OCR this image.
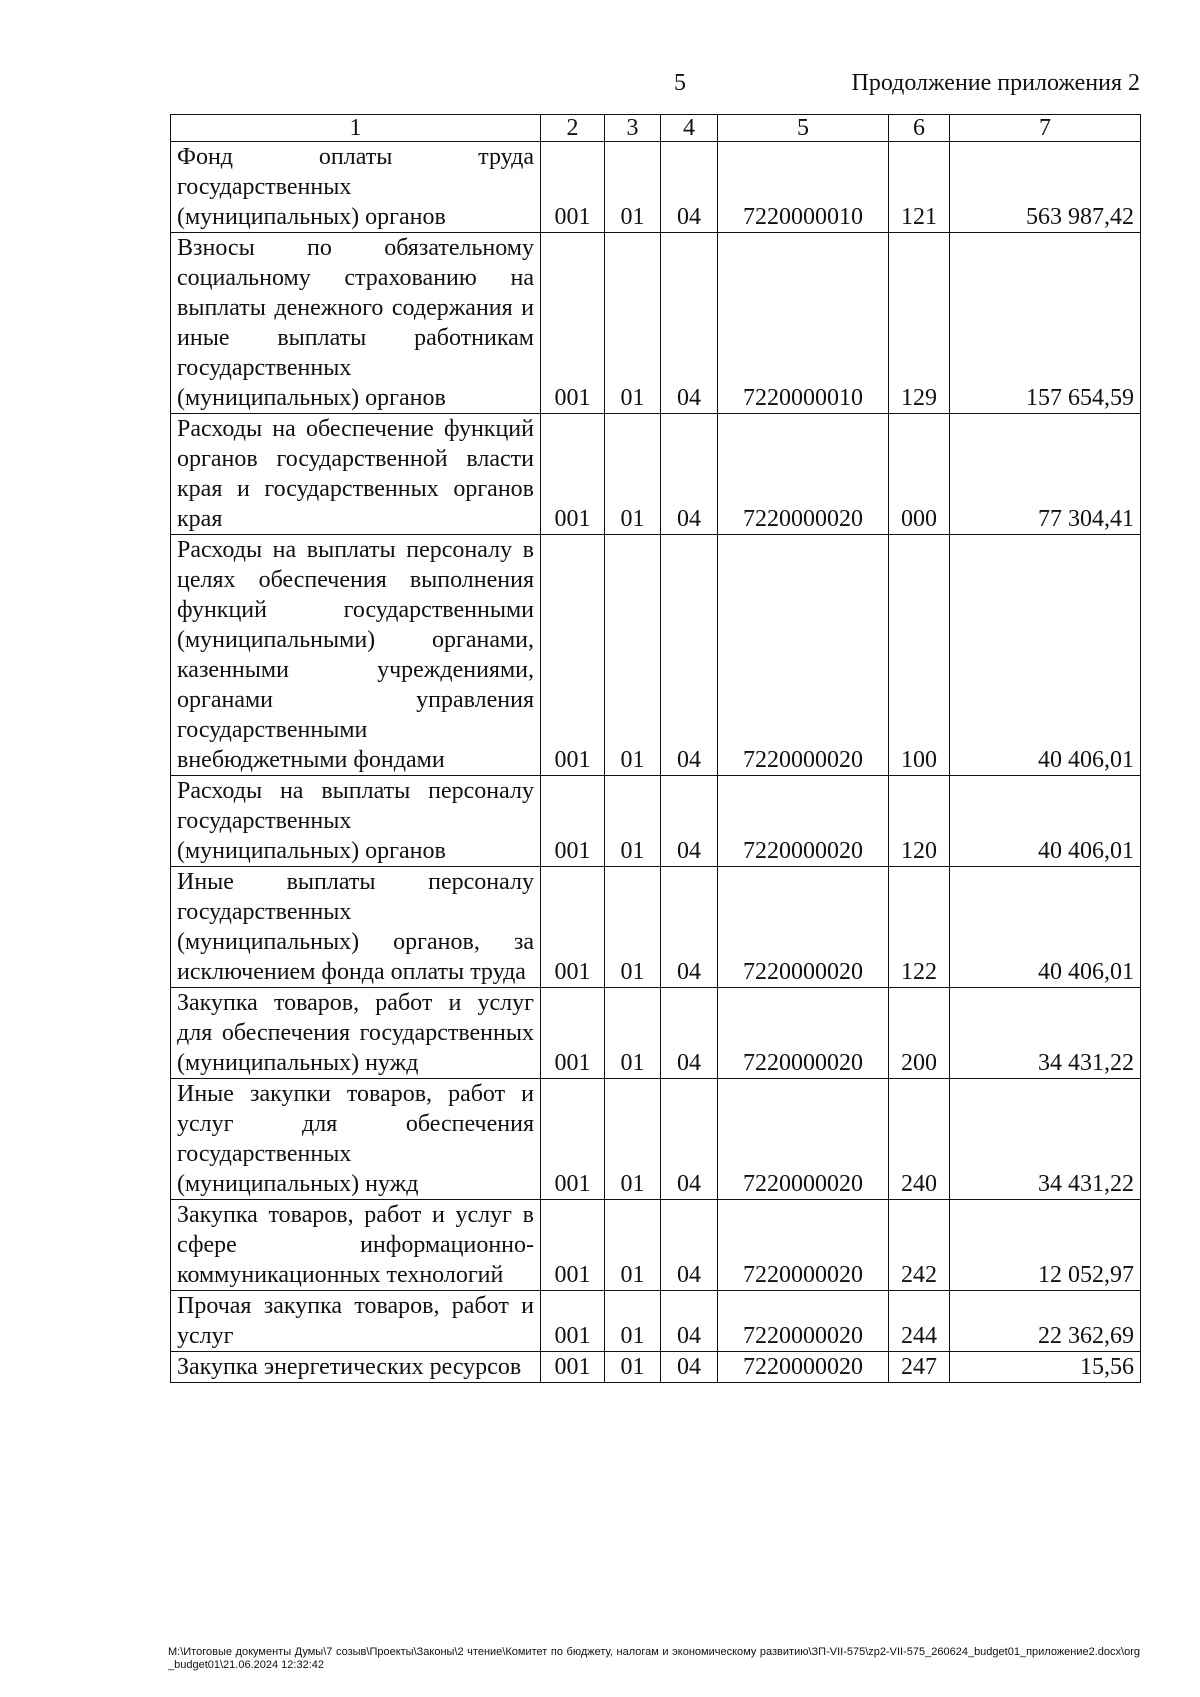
5	Продолжение приложения 2
1	2	3	4	5	6	7
Фонд оплаты труда государственных (муниципальных) органов	001	01	04	7220000010	121	563 987,42
Взносы по обязательному социальному страхованию на выплаты денежного содержания и иные выплаты работникам государственных (муниципальных) органов	001	01	04	7220000010	129	157 654,59
Расходы на обеспечение функций органов государственной власти края и государственных органов края	001	01	04	7220000020	000	77 304,41
Расходы на выплаты персоналу в целях обеспечения выполнения функций государственными (муниципальными) органами, казенными учреждениями, органами управления государственными внебюджетными фондами	001	01	04	7220000020	100	40 406,01
Расходы на выплаты персоналу государственных (муниципальных) органов	001	01	04	7220000020	120	40 406,01
Иные выплаты персоналу государственных (муниципальных) органов, за исключением фонда оплаты труда	001	01	04	7220000020	122	40 406,01
Закупка товаров, работ и услуг для обеспечения государственных (муниципальных) нужд	001	01	04	7220000020	200	34 431,22
Иные закупки товаров, работ и услуг для обеспечения государственных (муниципальных) нужд	001	01	04	7220000020	240	34 431,22
Закупка товаров, работ и услуг в сфере информационно-коммуникационных технологий	001	01	04	7220000020	242	12 052,97
Прочая закупка товаров, работ и услуг	001	01	04	7220000020	244	22 362,69
Закупка энергетических ресурсов	001	01	04	7220000020	247	15,56
M:\Итоговые документы Думы\7 созыв\Проекты\Законы\2 чтение\Комитет по бюджету, налогам и экономическому развитию\ЗП-VII-575\zp2-VII-575_260624_budget01_приложение2.docx\org_budget01\21.06.2024 12:32:42
